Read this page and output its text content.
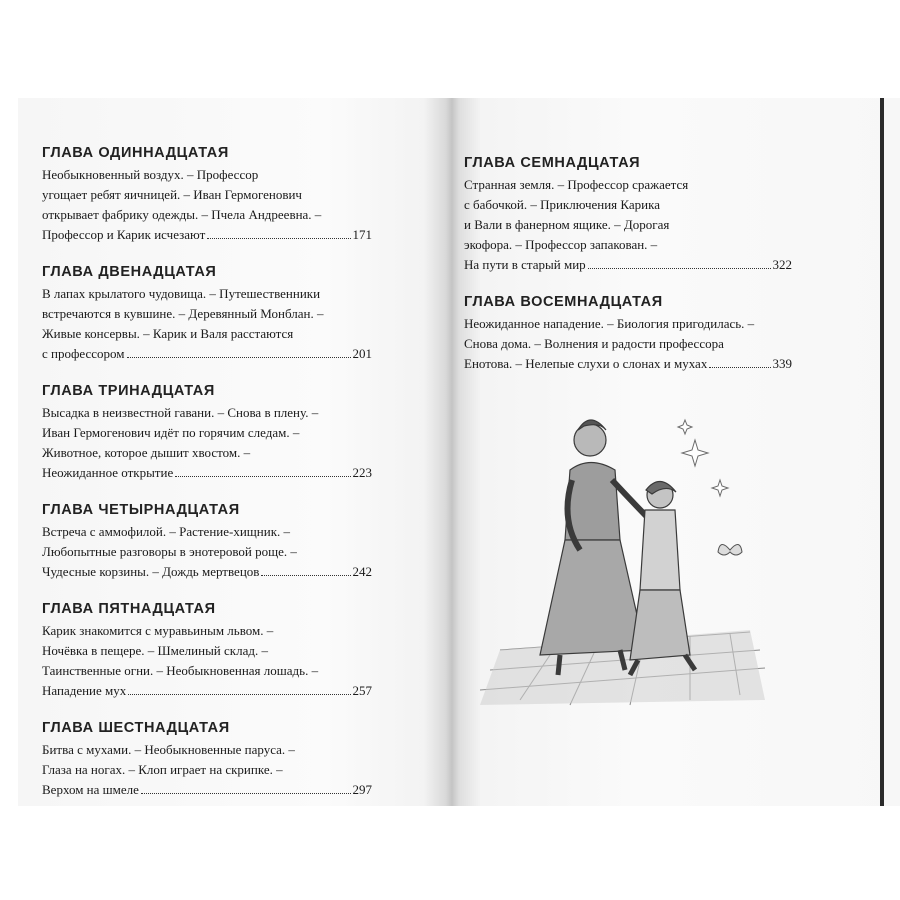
ГЛАВА ОДИННАДЦАТАЯ
Необыкновенный воздух. – Профессор
угощает ребят яичницей. – Иван Гермогенович
открывает фабрику одежды. – Пчела Андреевна. –
Профессор и Карик исчезают	171
ГЛАВА ДВЕНАДЦАТАЯ
В лапах крылатого чудовища. – Путешественники
встречаются в кувшине. – Деревянный Монблан. –
Живые консервы. – Карик и Валя расстаются
с профессором	201
ГЛАВА ТРИНАДЦАТАЯ
Высадка в неизвестной гавани. – Снова в плену. –
Иван Гермогенович идёт по горячим следам. –
Животное, которое дышит хвостом. –
Неожиданное открытие	223
ГЛАВА ЧЕТЫРНАДЦАТАЯ
Встреча с аммофилой. – Растение-хищник. –
Любопытные разговоры в энотеровой роще. –
Чудесные корзины. – Дождь мертвецов	242
ГЛАВА ПЯТНАДЦАТАЯ
Карик знакомится с муравьиным львом. –
Ночёвка в пещере. – Шмелиный склад. –
Таинственные огни. – Необыкновенная лошадь. –
Нападение мух	257
ГЛАВА ШЕСТНАДЦАТАЯ
Битва с мухами. – Необыкновенные паруса. –
Глаза на ногах. – Клоп играет на скрипке. –
Верхом на шмеле	297
ГЛАВА СЕМНАДЦАТАЯ
Странная земля. – Профессор сражается
с бабочкой. – Приключения Карика
и Вали в фанерном ящике. – Дорогая
экофора. – Профессор запакован. –
На пути в старый мир	322
ГЛАВА ВОСЕМНАДЦАТАЯ
Неожиданное нападение. – Биология пригодилась. –
Снова дома. – Волнения и радости профессора
Енотова. – Нелепые слухи о слонах и мухах	339
